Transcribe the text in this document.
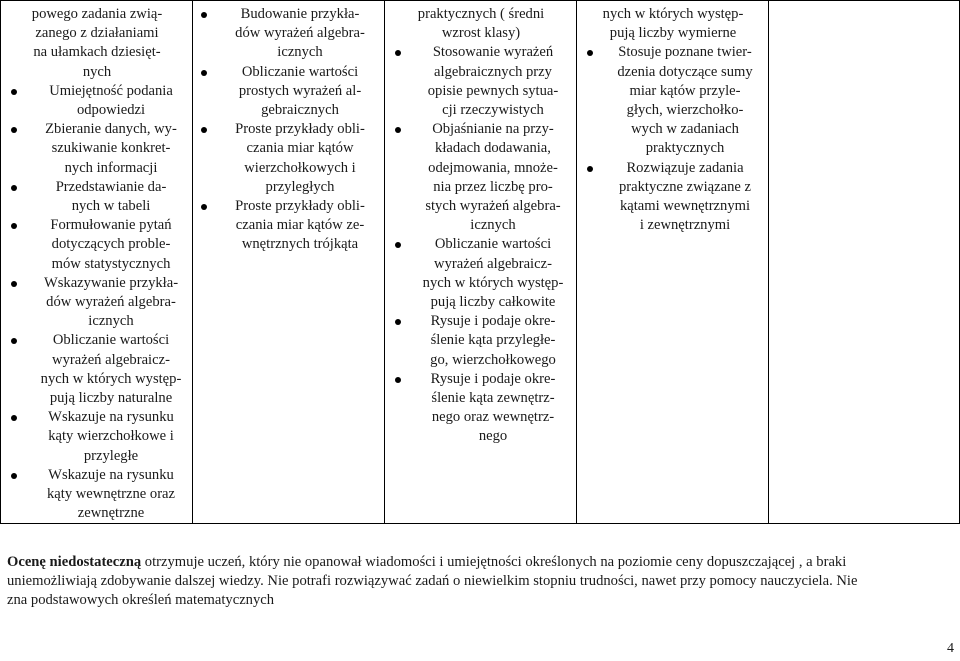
powego zadania zwią-
zanego z działaniami
na ułamkach dziesięt-
nych
Umiejętność podania
odpowiedzi
Zbieranie danych, wy-
szukiwanie konkret-
nych informacji
Przedstawianie da-
nych w tabeli
Formułowanie pytań
dotyczących proble-
mów statystycznych
Wskazywanie przykła-
dów wyrażeń algebra-
icznych
Obliczanie wartości
wyrażeń algebraicz-
nych w których występ-
pują liczby naturalne
Wskazuje na rysunku
kąty wierzchołkowe i
przyległe
Wskazuje na rysunku
kąty wewnętrzne oraz
zewnętrzne

Budowanie przykła-
dów wyrażeń algebra-
icznych
Obliczanie wartości
prostych wyrażeń al-
gebraicznych
Proste przykłady obli-
czania miar kątów
wierzchołkowych i
przyległych
Proste przykłady obli-
czania miar kątów ze-
wnętrznych trójkąta

praktycznych ( średni
wzrost klasy)
Stosowanie wyrażeń
algebraicznych przy
opisie pewnych sytua-
cji rzeczywistych
Objaśnianie na przy-
kładach dodawania,
odejmowania, mnoże-
nia przez liczbę pro-
stych wyrażeń algebra-
icznych
Obliczanie wartości
wyrażeń algebraicz-
nych w których występ-
pują liczby całkowite
Rysuje i podaje okre-
ślenie kąta przyległe-
go, wierzchołkowego
Rysuje i podaje okre-
ślenie kąta zewnętrz-
nego oraz wewnętrz-
nego

nych w których występ-
pują liczby wymierne
Stosuje poznane twier-
dzenia dotyczące sumy
miar kątów przyle-
głych, wierzchołko-
wych w zadaniach
praktycznych
Rozwiązuje zadania
praktyczne związane z
kątami wewnętrznymi
i zewnętrznymi

Ocenę niedostateczną otrzymuje uczeń, który nie opanował wiadomości i umiejętności określonych na poziomie ceny dopuszczającej , a braki
uniemożliwiają zdobywanie dalszej wiedzy. Nie potrafi rozwiązywać zadań o niewielkim stopniu trudności, nawet przy pomocy nauczyciela. Nie
zna podstawowych określeń matematycznych
4
